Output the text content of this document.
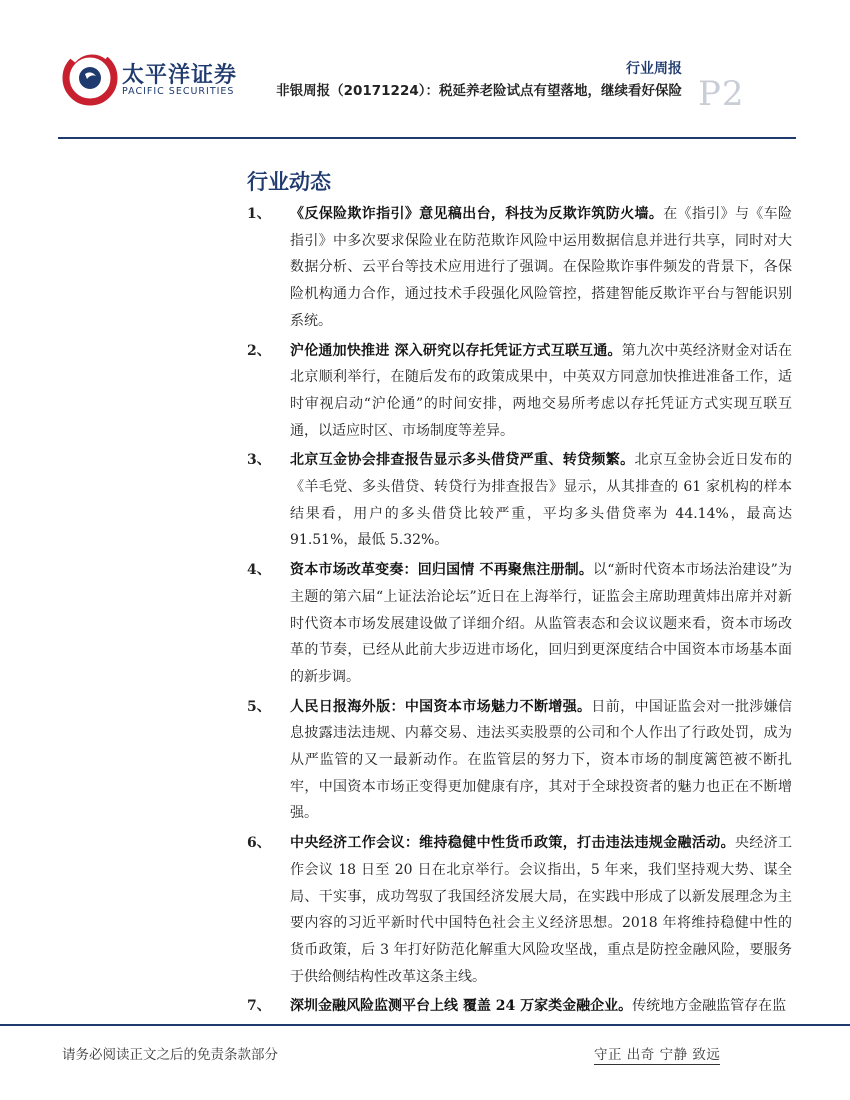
太平洋证券
PACIFIC SECURITIES
行业周报
非银周报（20171224）：税延养老险试点有望落地，继续看好保险 P2
行业动态
1、 《反保险欺诈指引》意见稿出台，科技为反欺诈筑防火墙。在《指引》与《车险指引》中多次要求保险业在防范欺诈风险中运用数据信息并进行共享，同时对大数据分析、云平台等技术应用进行了强调。在保险欺诈事件频发的背景下，各保险机构通力合作，通过技术手段强化风险管控，搭建智能反欺诈平台与智能识别系统。
2、 沪伦通加快推进 深入研究以存托凭证方式互联互通。第九次中英经济财金对话在北京顺利举行，在随后发布的政策成果中，中英双方同意加快推进准备工作，适时审视启动“沪伦通”的时间安排，两地交易所考虑以存托凭证方式实现互联互通，以适应时区、市场制度等差异。
3、 北京互金协会排查报告显示多头借贷严重、转贷频繁。北京互金协会近日发布的《羊毛党、多头借贷、转贷行为排查报告》显示，从其排查的 61 家机构的样本结果看，用户的多头借贷比较严重，平均多头借贷率为 44.14%，最高达 91.51%，最低 5.32%。
4、 资本市场改革变奏：回归国情 不再聚焦注册制。以“新时代资本市场法治建设”为主题的第六届“上证法治论坛”近日在上海举行，证监会主席助理黄炜出席并对新时代资本市场发展建设做了详细介绍。从监管表态和会议议题来看，资本市场改革的节奏，已经从此前大步迈进市场化，回归到更深度结合中国资本市场基本面的新步调。
5、 人民日报海外版：中国资本市场魅力不断增强。日前，中国证监会对一批涉嫌信息披露违法违规、内幕交易、违法买卖股票的公司和个人作出了行政处罚，成为从严监管的又一最新动作。在监管层的努力下，资本市场的制度篱笆被不断扎牢，中国资本市场正变得更加健康有序，其对于全球投资者的魅力也正在不断增强。
6、 中央经济工作会议：维持稳健中性货币政策，打击违法违规金融活动。央经济工作会议 18 日至 20 日在北京举行。会议指出，5 年来，我们坚持观大势、谋全局、干实事，成功驾驭了我国经济发展大局，在实践中形成了以新发展理念为主要内容的习近平新时代中国特色社会主义经济思想。2018 年将维持稳健中性的货币政策，后 3 年打好防范化解重大风险攻坚战，重点是防控金融风险，要服务于供给侧结构性改革这条主线。
7、 深圳金融风险监测平台上线 覆盖 24 万家类金融企业。传统地方金融监管存在监
请务必阅读正文之后的免责条款部分	守正 出奇 宁静 致远
